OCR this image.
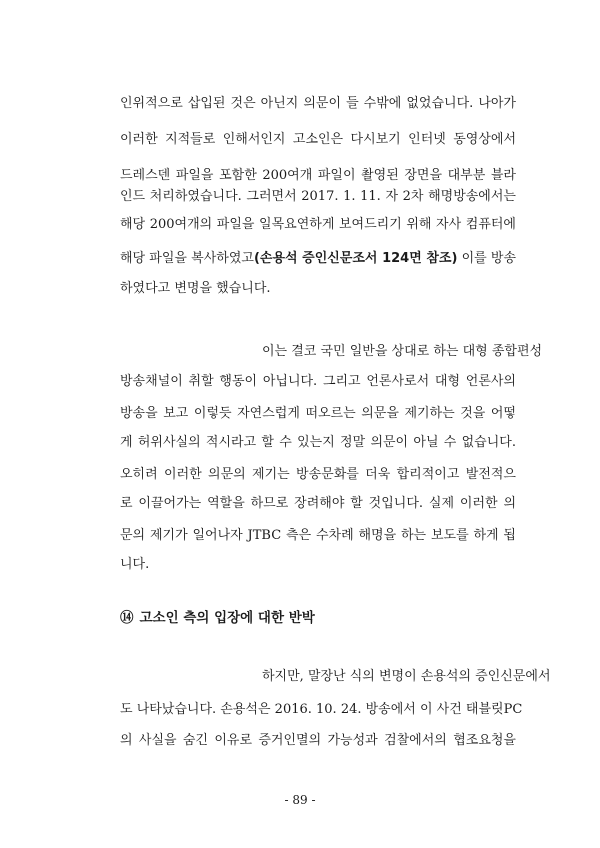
인위적으로 삽입된 것은 아닌지 의문이 들 수밖에 없었습니다. 나아가
이러한 지적들로 인해서인지 고소인은 다시보기 인터넷 동영상에서
드레스덴 파일을 포함한 200여개 파일이 촬영된 장면을 대부분 블라
인드 처리하였습니다. 그러면서 2017. 1. 11. 자 2차 해명방송에서는
해당 200여개의 파일을 일목요연하게 보여드리기 위해 자사 컴퓨터에
해당 파일을 복사하였고(손용석 증인신문조서 124면 참조) 이를 방송
하였다고 변명을 했습니다.
이는 결코 국민 일반을 상대로 하는 대형 종합편성
방송채널이 취할 행동이 아닙니다. 그리고 언론사로서 대형 언론사의
방송을 보고 이렇듯 자연스럽게 떠오르는 의문을 제기하는 것을 어떻
게 허위사실의 적시라고 할 수 있는지 정말 의문이 아닐 수 없습니다.
오히려 이러한 의문의 제기는 방송문화를 더욱 합리적이고 발전적으
로 이끌어가는 역할을 하므로 장려해야 할 것입니다. 실제 이러한 의
문의 제기가 일어나자 JTBC 측은 수차례 해명을 하는 보도를 하게 됩
니다.
⑭ 고소인 측의 입장에 대한 반박
하지만, 말장난 식의 변명이 손용석의 증인신문에서
도 나타났습니다. 손용석은 2016. 10. 24. 방송에서 이 사건 태블릿PC
의 사실을 숨긴 이유로 증거인멸의 가능성과 검찰에서의 협조요청을
- 89 -
